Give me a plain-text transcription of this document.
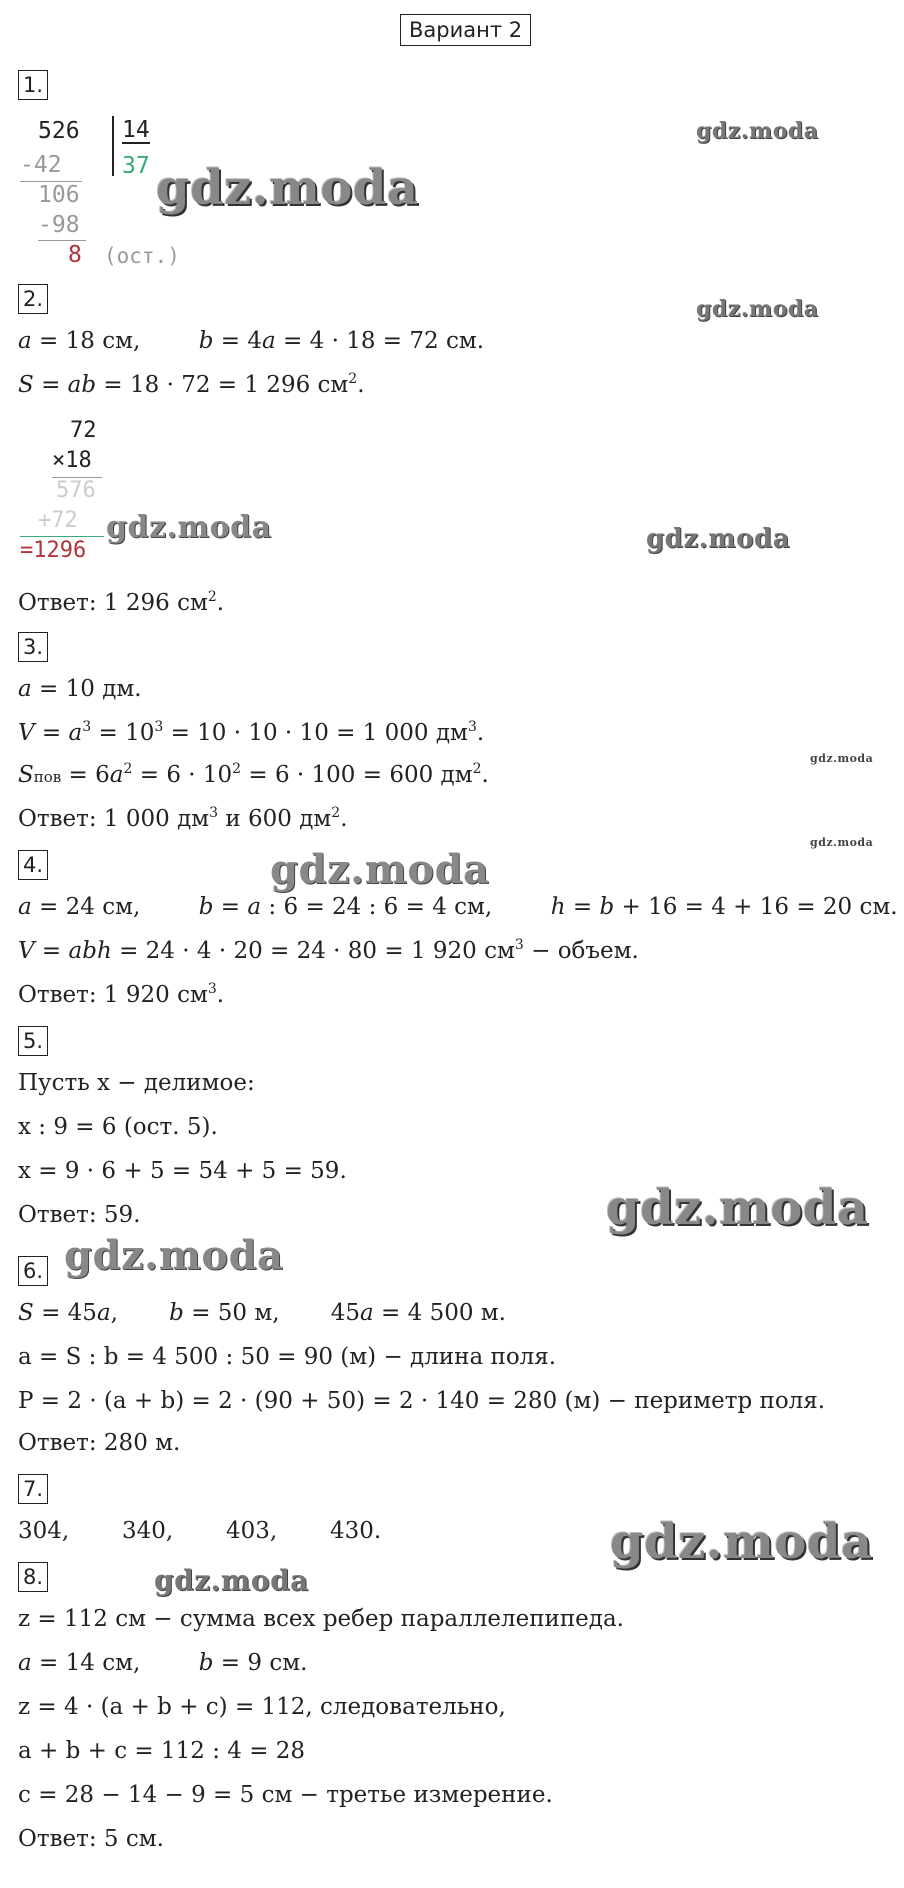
Вариант 2
1.
526 14
37
-42
106
-98
8 (ост.)
2.
a = 18 см,        b = 4a = 4 · 18 = 72 см.
S = ab = 18 · 72 = 1 296 $см^2$.
72
×18
576
+72
=1296
Ответ: 1 296 $см^2$.
3.
a = 10 дм.
$V = a^3 = 10^3 = 10 \cdot 10 \cdot 10 = 1$ 000 $дм^3$.
Sпов = $6a^2 = 6 \cdot 10^2 = 6 \cdot 100 = 600$ $дм^2$.
Ответ: 1 000 $дм^3$ и 600 $дм^2$.
4.
a = 24 см,        b = a : 6 = 24 : 6 = 4 см,        h = b + 16 = 4 + 16 = 20 см.
V = abh = 24 · 4 · 20 = 24 · 80 = 1 920 $см^3$ − объем.
Ответ: 1 920 $см^3$.
5.
Пусть x − делимое:
x : 9 = 6 (ост. 5).
x = 9 · 6 + 5 = 54 + 5 = 59.
Ответ: 59.
6.
S = 45a,       b = 50 м,       45a = 4 500 м.
a = S : b = 4 500 : 50 = 90 (м) − длина поля.
P = 2 · (a + b) = 2 · (90 + 50) = 2 · 140 = 280 (м) − периметр поля.
Ответ: 280 м.
7.
304, 340, 403, 430.
8.
z = 112 см − сумма всех ребер параллелепипеда.
a = 14 см,        b = 9 см.
z = 4 · (a + b + c) = 112, следовательно,
a + b + c = 112 : 4 = 28
c = 28 − 14 − 9 = 5 см − третье измерение.
Ответ: 5 см.
gdz.moda
gdz.moda
gdz.moda
gdz.moda	gdz.moda
gdz.moda
gdz.moda
gdz.moda
gdz.moda
gdz.moda
gdz.moda
gdz.moda
